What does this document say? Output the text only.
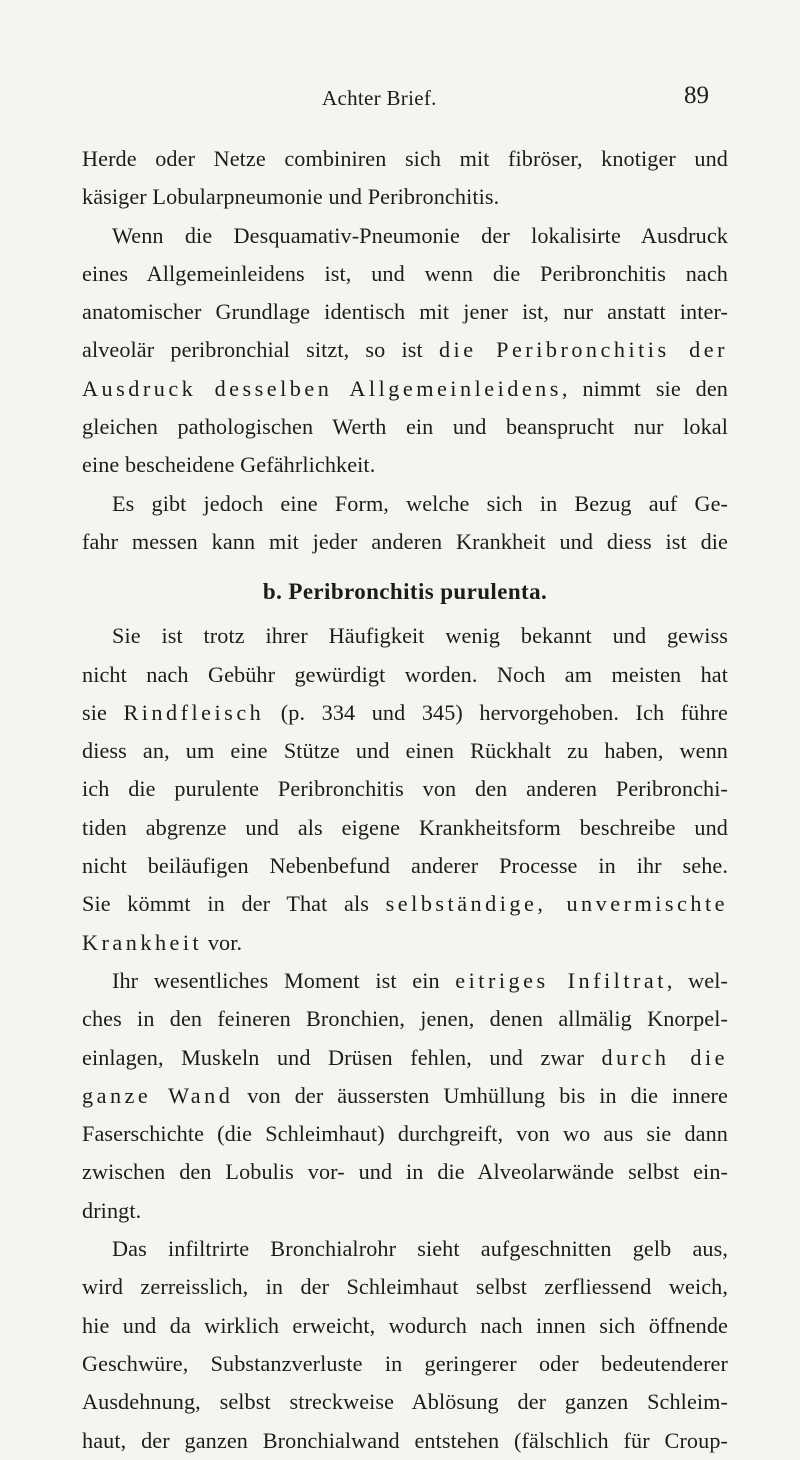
Achter Brief.	89
Herde oder Netze combiniren sich mit fibröser, knotiger und
käsiger Lobularpneumonie und Peribronchitis.
Wenn die Desquamativ-Pneumonie der lokalisirte Ausdruck
eines Allgemeinleidens ist, und wenn die Peribronchitis nach
anatomischer Grundlage identisch mit jener ist, nur anstatt inter-
alveolär peribronchial sitzt, so ist die Peribronchitis der
Ausdruck desselben Allgemeinleidens, nimmt sie den
gleichen pathologischen Werth ein und beansprucht nur lokal
eine bescheidene Gefährlichkeit.
Es gibt jedoch eine Form, welche sich in Bezug auf Ge-
fahr messen kann mit jeder anderen Krankheit und diess ist die
b. Peribronchitis purulenta.
Sie ist trotz ihrer Häufigkeit wenig bekannt und gewiss
nicht nach Gebühr gewürdigt worden. Noch am meisten hat
sie Rindfleisch (p. 334 und 345) hervorgehoben. Ich führe
diess an, um eine Stütze und einen Rückhalt zu haben, wenn
ich die purulente Peribronchitis von den anderen Peribronchi-
tiden abgrenze und als eigene Krankheitsform beschreibe und
nicht beiläufigen Nebenbefund anderer Processe in ihr sehe.
Sie kömmt in der That als selbständige, unvermischte
Krankheit vor.
Ihr wesentliches Moment ist ein eitriges Infiltrat, wel-
ches in den feineren Bronchien, jenen, denen allmälig Knorpel-
einlagen, Muskeln und Drüsen fehlen, und zwar durch die
ganze Wand von der äussersten Umhüllung bis in die innere
Faserschichte (die Schleimhaut) durchgreift, von wo aus sie dann
zwischen den Lobulis vor- und in die Alveolarwände selbst ein-
dringt.
Das infiltrirte Bronchialrohr sieht aufgeschnitten gelb aus,
wird zerreisslich, in der Schleimhaut selbst zerfliessend weich,
hie und da wirklich erweicht, wodurch nach innen sich öffnende
Geschwüre, Substanzverluste in geringerer oder bedeutenderer
Ausdehnung, selbst streckweise Ablösung der ganzen Schleim-
haut, der ganzen Bronchialwand entstehen (fälschlich für Croup-
